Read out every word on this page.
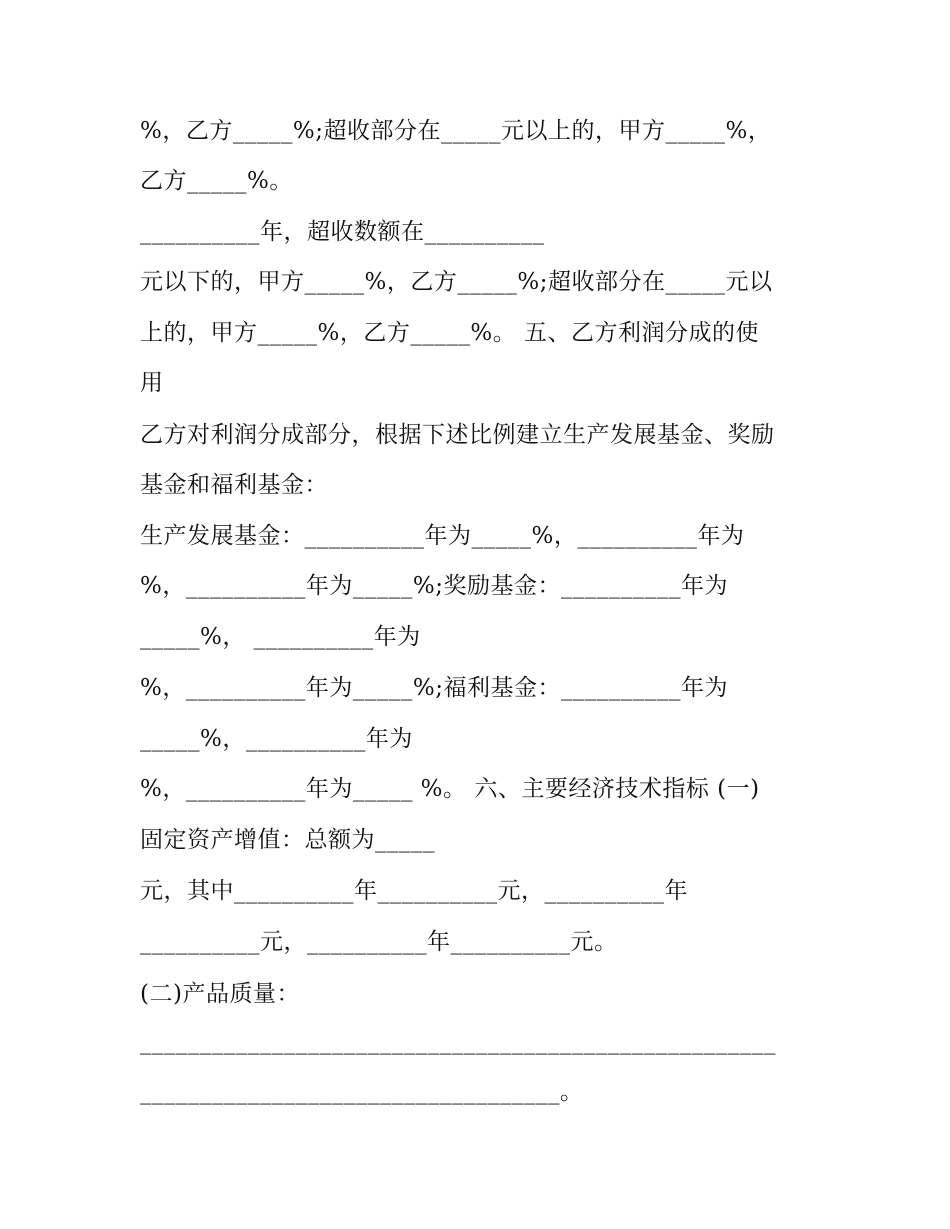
%，乙方_____%;超收部分在_____元以上的，甲方_____%，
乙方_____%。
__________年，超收数额在__________
元以下的，甲方_____%，乙方_____%;超收部分在_____元以
上的，甲方_____%，乙方_____%。 五、乙方利润分成的使
用
乙方对利润分成部分，根据下述比例建立生产发展基金、奖励
基金和福利基金：
生产发展基金：__________年为_____%，__________年为
%，__________年为_____%;奖励基金：__________年为
_____%， __________年为
%，__________年为_____%;福利基金：__________年为
_____%，__________年为
%，__________年为_____ %。 六、主要经济技术指标 (一)
固定资产增值：总额为_____
元，其中__________年__________元，__________年
__________元，__________年__________元。
(二)产品质量：
_____________________________________________________
___________________________________。
